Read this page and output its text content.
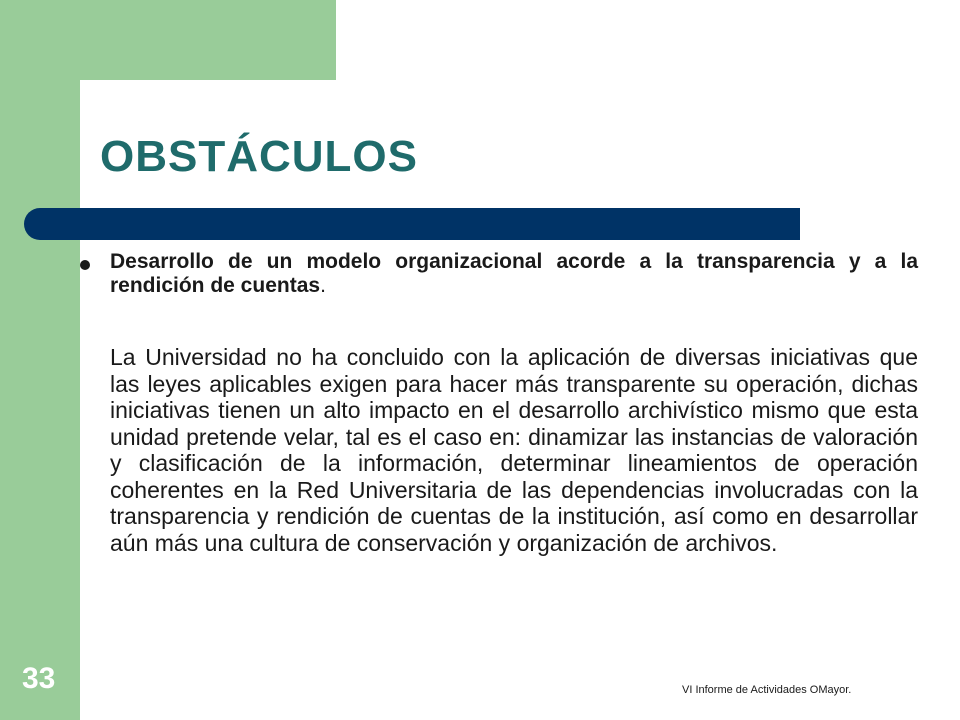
OBSTÁCULOS

Desarrollo de un modelo organizacional acorde a la transparencia y a la rendición de cuentas.

La Universidad no ha concluido con la aplicación de diversas iniciativas que las leyes aplicables exigen para hacer más transparente su operación, dichas iniciativas tienen un alto impacto en el desarrollo archivístico mismo que esta unidad pretende velar, tal es el caso en: dinamizar las instancias de valoración y clasificación de la información, determinar lineamientos de operación coherentes en la Red Universitaria de las dependencias involucradas con la transparencia y rendición de cuentas de la institución, así como en desarrollar aún más una cultura de conservación y organización de archivos.

33	VI Informe de Actividades OMayor.
